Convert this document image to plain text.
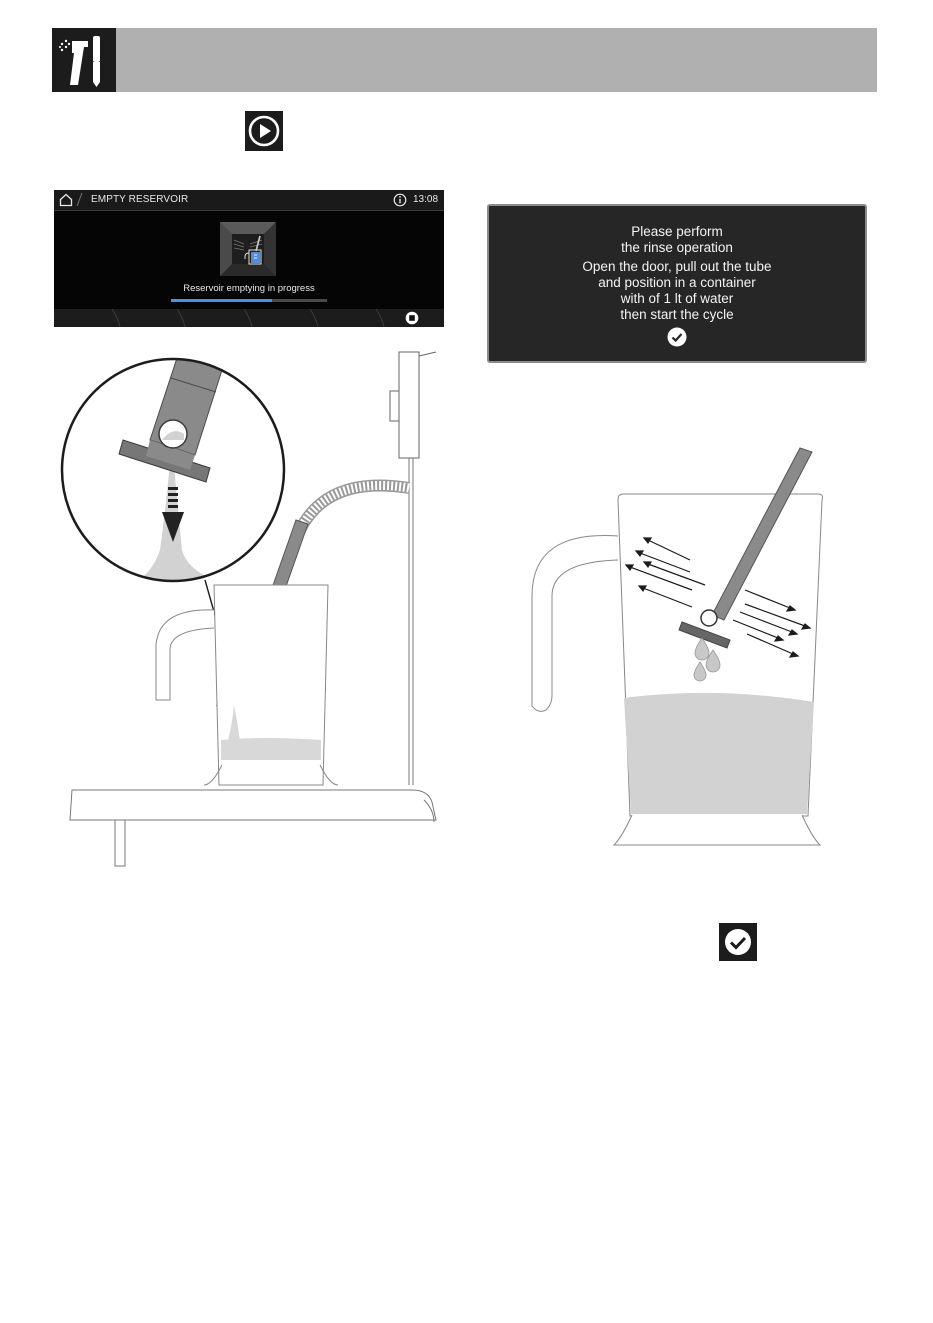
EMPTY RESERVOIR	13:08
Reservoir emptying in progress
Please perform
the rinse operation
Open the door, pull out the tube
and position in a container
with of 1 lt of water
then start the cycle
